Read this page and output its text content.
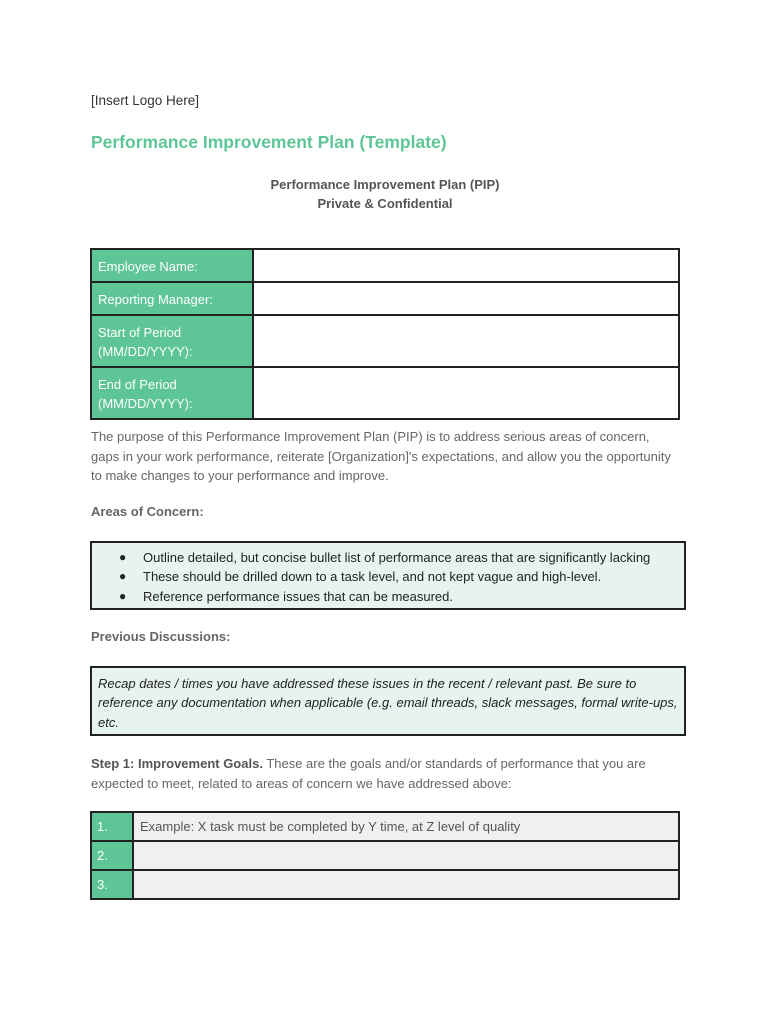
[Insert Logo Here]
Performance Improvement Plan (Template)
Performance Improvement Plan (PIP)
Private & Confidential
Employee Name:	
Reporting Manager:	

Start of Period
(MM/DD/YYYY):	

End of Period
(MM/DD/YYYY):	

The purpose of this Performance Improvement Plan (PIP) is to address serious areas of concern, gaps in your work performance, reiterate [Organization]'s expectations, and allow you the opportunity to make changes to your performance and improve.
Areas of Concern:
● Outline detailed, but concise bullet list of performance areas that are significantly lacking
● These should be drilled down to a task level, and not kept vague and high-level.
● Reference performance issues that can be measured.
Previous Discussions:

Recap dates / times you have addressed these issues in the recent / relevant past. Be sure to reference any documentation when applicable (e.g. email threads, slack messages, formal write-ups, etc.

Step 1: Improvement Goals. These are the goals and/or standards of performance that you are expected to meet, related to areas of concern we have addressed above:
1.	Example: X task must be completed by Y time, at Z level of quality
2.	
3.	
